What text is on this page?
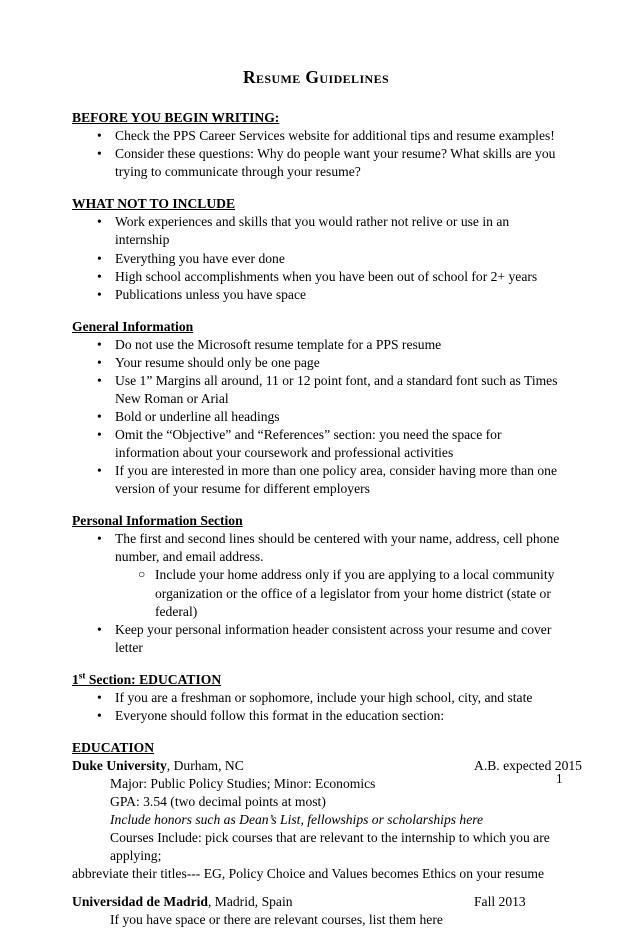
Resume Guidelines
BEFORE YOU BEGIN WRITING:
• Check the PPS Career Services website for additional tips and resume examples!
• Consider these questions: Why do people want your resume? What skills are you trying to communicate through your resume?
WHAT NOT TO INCLUDE
• Work experiences and skills that you would rather not relive or use in an internship
• Everything you have ever done
• High school accomplishments when you have been out of school for 2+ years
• Publications unless you have space
General Information
• Do not use the Microsoft resume template for a PPS resume
• Your resume should only be one page
• Use 1” Margins all around, 11 or 12 point font, and a standard font such as Times New Roman or Arial
• Bold or underline all headings
• Omit the “Objective” and “References” section: you need the space for information about your coursework and professional activities
• If you are interested in more than one policy area, consider having more than one version of your resume for different employers
Personal Information Section
• The first and second lines should be centered with your name, address, cell phone number, and email address.
○ Include your home address only if you are applying to a local community organization or the office of a legislator from your home district (state or federal)
• Keep your personal information header consistent across your resume and cover letter
1st Section: EDUCATION
• If you are a freshman or sophomore, include your high school, city, and state
• Everyone should follow this format in the education section:
EDUCATION
Duke University, Durham, NC	A.B. expected 2015
Major: Public Policy Studies; Minor: Economics
GPA: 3.54 (two decimal points at most)
Include honors such as Dean’s List, fellowships or scholarships here
Courses Include: pick courses that are relevant to the internship to which you are applying;
abbreviate their titles--- EG, Policy Choice and Values becomes Ethics on your resume
Universidad de Madrid, Madrid, Spain	Fall 2013
If you have space or there are relevant courses, list them here
1
